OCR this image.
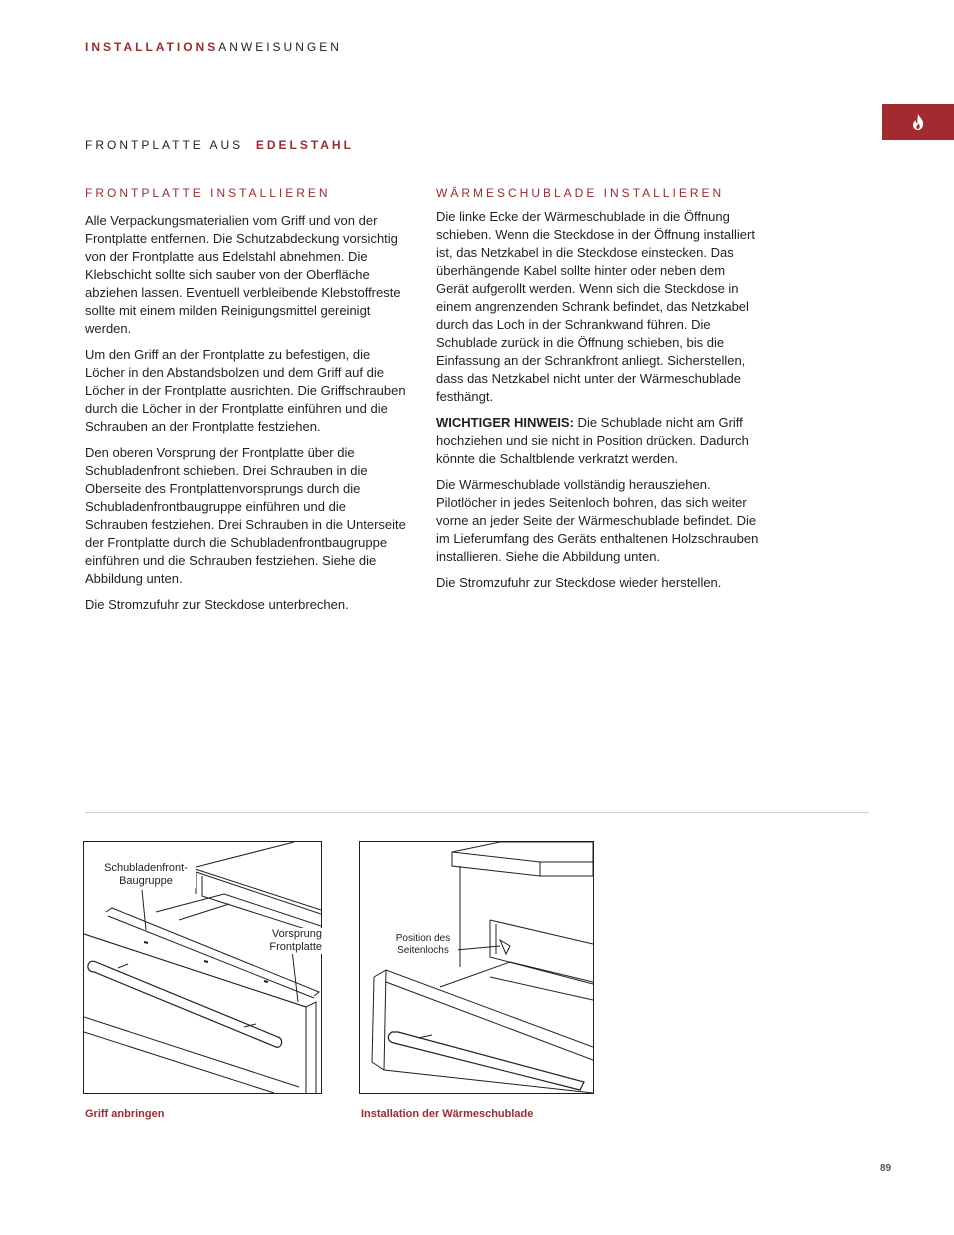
INSTALLATIONSANWEISUNGEN
FRONTPLATTE AUS EDELSTAHL
FRONTPLATTE INSTALLIEREN

Alle Verpackungsmaterialien vom Griff und von der Frontplatte entfernen. Die Schutzabdeckung vorsichtig von der Frontplatte aus Edelstahl abnehmen. Die Klebschicht sollte sich sauber von der Oberfläche abziehen lassen. Eventuell verbleibende Klebstoffreste sollte mit einem milden Reinigungsmittel gereinigt werden.

Um den Griff an der Frontplatte zu befestigen, die Löcher in den Abstandsbolzen und dem Griff auf die Löcher in der Frontplatte ausrichten. Die Griffschrauben durch die Löcher in der Frontplatte einführen und die Schrauben an der Frontplatte festziehen.

Den oberen Vorsprung der Frontplatte über die Schubladenfront schieben. Drei Schrauben in die Oberseite des Frontplattenvorsprungs durch die Schubladenfrontbaugruppe einführen und die Schrauben festziehen. Drei Schrauben in die Unterseite der Frontplatte durch die Schubladenfrontbaugruppe einführen und die Schrauben festziehen. Siehe die Abbildung unten.

Die Stromzufuhr zur Steckdose unterbrechen.

WÄRMESCHUBLADE INSTALLIEREN

Die linke Ecke der Wärmeschublade in die Öffnung schieben. Wenn die Steckdose in der Öffnung installiert ist, das Netzkabel in die Steckdose einstecken. Das überhängende Kabel sollte hinter oder neben dem Gerät aufgerollt werden. Wenn sich die Steckdose in einem angrenzenden Schrank befindet, das Netzkabel durch das Loch in der Schrankwand führen. Die Schublade zurück in die Öffnung schieben, bis die Einfassung an der Schrankfront anliegt. Sicherstellen, dass das Netzkabel nicht unter der Wärmeschublade festhängt.

WICHTIGER HINWEIS: Die Schublade nicht am Griff hochziehen und sie nicht in Position drücken. Dadurch könnte die Schaltblende verkratzt werden.

Die Wärmeschublade vollständig herausziehen. Pilotlöcher in jedes Seitenloch bohren, das sich weiter vorne an jeder Seite der Wärmeschublade befindet. Die im Lieferumfang des Geräts enthaltenen Holzschrauben installieren. Siehe die Abbildung unten.

Die Stromzufuhr zur Steckdose wieder herstellen.

Schubladenfront-
Baugruppe
Vorsprung
Frontplatte
Griff anbringen
Position des
Seitenlochs
Installation der Wärmeschublade
89
